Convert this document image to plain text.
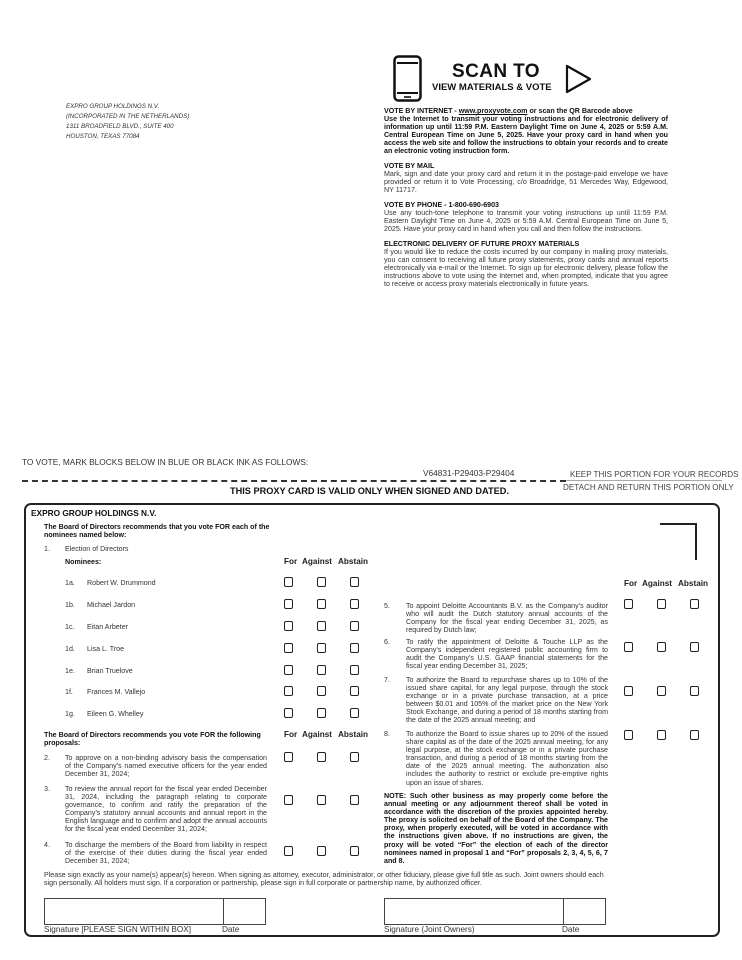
EXPRO GROUP HOLDINGS N.V.
(INCORPORATED IN THE NETHERLANDS)
1311 BROADFIELD BLVD., SUITE 400
HOUSTON, TEXAS 77084
SCAN TO
VIEW MATERIALS & VOTE
VOTE BY INTERNET - www.proxyvote.com or scan the QR Barcode above
Use the Internet to transmit your voting instructions and for electronic delivery of information up until 11:59 P.M. Eastern Daylight Time on June 4, 2025 or 5:59 A.M. Central European Time on June 5, 2025. Have your proxy card in hand when you access the web site and follow the instructions to obtain your records and to create an electronic voting instruction form.
VOTE BY MAIL
Mark, sign and date your proxy card and return it in the postage-paid envelope we have provided or return it to Vote Processing, c/o Broadridge, 51 Mercedes Way, Edgewood, NY 11717.
VOTE BY PHONE - 1-800-690-6903
Use any touch-tone telephone to transmit your voting instructions up until 11:59 P.M. Eastern Daylight Time on June 4, 2025 or 5:59 A.M. Central European Time on June 5, 2025. Have your proxy card in hand when you call and then follow the instructions.
ELECTRONIC DELIVERY OF FUTURE PROXY MATERIALS
If you would like to reduce the costs incurred by our company in mailing proxy materials, you can consent to receiving all future proxy statements, proxy cards and annual reports electronically via e-mail or the Internet. To sign up for electronic delivery, please follow the instructions above to vote using the Internet and, when prompted, indicate that you agree to receive or access proxy materials electronically in future years.
TO VOTE, MARK BLOCKS BELOW IN BLUE OR BLACK INK AS FOLLOWS:
V64831-P29403-P29404	KEEP THIS PORTION FOR YOUR RECORDS
DETACH AND RETURN THIS PORTION ONLY
THIS PROXY CARD IS VALID ONLY WHEN SIGNED AND DATED.
EXPRO GROUP HOLDINGS N.V.
The Board of Directors recommends that you vote FOR each of the nominees named below:
1. Election of Directors
Nominees:	For Against Abstain
1a. Robert W. Drummond
1b. Michael Jardon
1c. Eitan Arbeter
1d. Lisa L. Troe
1e. Brian Truelove
1f. Frances M. Vallejo
1g. Eileen G. Whelley
The Board of Directors recommends you vote FOR the following proposals:
For Against Abstain
2. To approve on a non-binding advisory basis the compensation of the Company’s named executive officers for the year ended December 31, 2024;
3. To review the annual report for the fiscal year ended December 31, 2024, including the paragraph relating to corporate governance, to confirm and ratify the preparation of the Company’s statutory annual accounts and annual report in the English language and to confirm and adopt the annual accounts for the fiscal year ended December 31, 2024;
4. To discharge the members of the Board from liability in respect of the exercise of their duties during the fiscal year ended December 31, 2024;
For Against Abstain
5. To appoint Deloitte Accountants B.V. as the Company’s auditor who will audit the Dutch statutory annual accounts of the Company for the fiscal year ending December 31, 2025, as required by Dutch law;
6. To ratify the appointment of Deloitte & Touche LLP as the Company’s independent registered public accounting firm to audit the Company’s U.S. GAAP financial statements for the fiscal year ending December 31, 2025;
7. To authorize the Board to repurchase shares up to 10% of the issued share capital, for any legal purpose, through the stock exchange or in a private purchase transaction, at a price between $0.01 and 105% of the market price on the New York Stock Exchange, and during a period of 18 months starting from the date of the 2025 annual meeting; and
8. To authorize the Board to issue shares up to 20% of the issued share capital as of the date of the 2025 annual meeting, for any legal purpose, at the stock exchange or in a private purchase transaction, and during a period of 18 months starting from the date of the 2025 annual meeting. The authorization also includes the authority to restrict or exclude pre-emptive rights upon an issue of shares.
NOTE: Such other business as may properly come before the annual meeting or any adjournment thereof shall be voted in accordance with the discretion of the proxies appointed hereby. The proxy is solicited on behalf of the Board of the Company. The proxy, when properly executed, will be voted in accordance with the instructions given above. If no instructions are given, the proxy will be voted “For” the election of each of the director nominees named in proposal 1 and “For” proposals 2, 3, 4, 5, 6, 7 and 8.
Please sign exactly as your name(s) appear(s) hereon. When signing as attorney, executor, administrator, or other fiduciary, please give full title as such. Joint owners should each sign personally. All holders must sign. If a corporation or partnership, please sign in full corporate or partnership name, by authorized officer.
Signature [PLEASE SIGN WITHIN BOX]	Date	Signature (Joint Owners)	Date
